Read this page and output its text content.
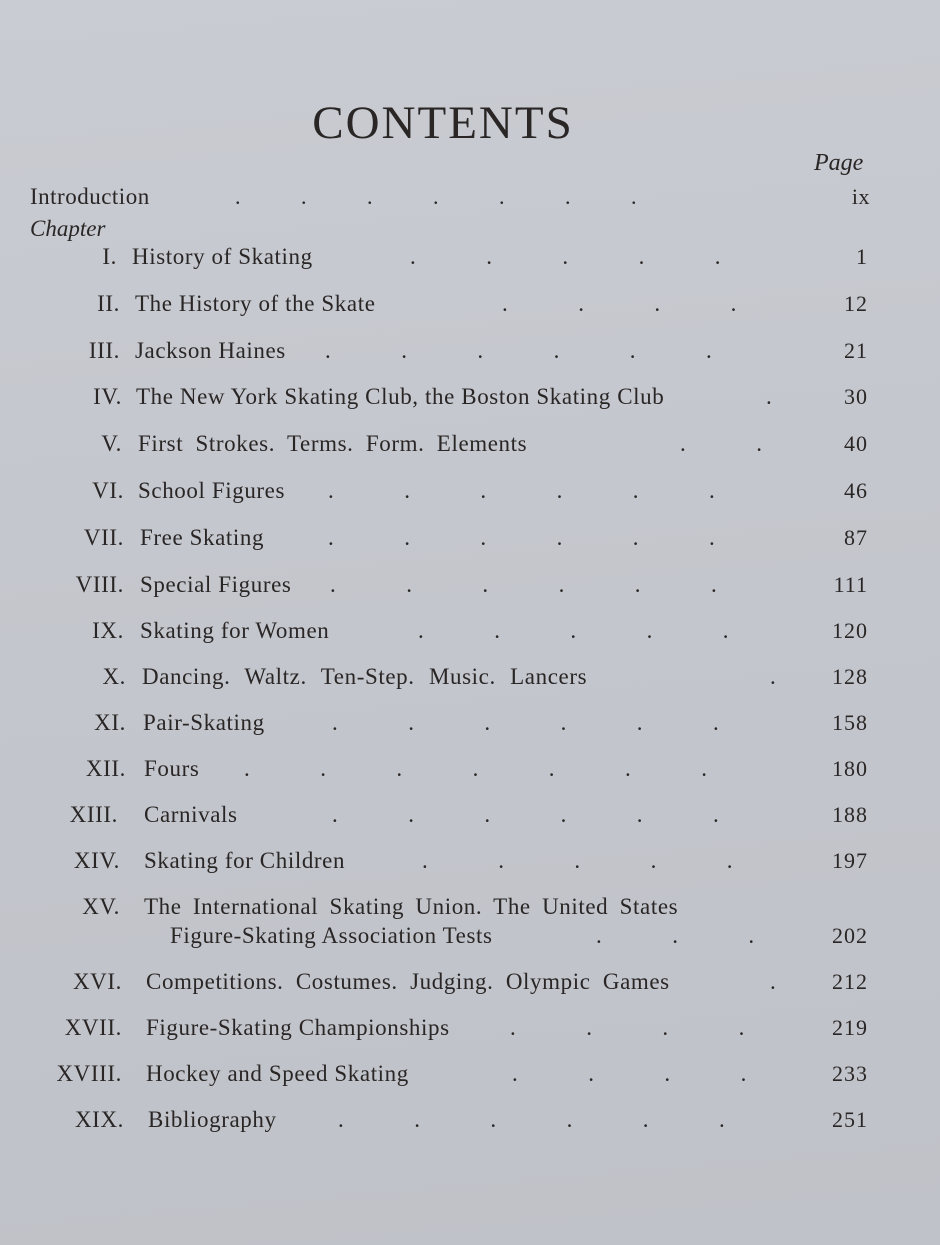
CONTENTS
Page
Introduction	.           .           .           .           .           .           .	ix
Chapter
I. History of Skating	.           .           .           .           .	1
II. The History of the Skate	.           .           .           .	12
III. Jackson Haines .           .           .           .           .           .	21
IV. The New York Skating Club, the Boston Skating Club	.	30
V. First Strokes. Terms. Form. Elements	.           .	40
VI. School Figures .           .           .           .           .           .	46
VII. Free Skating	.           .           .           .           .           .	87
VIII. Special Figures .           .           .           .           .           .	111
IX. Skating for Women	.           .           .           .           .	120
X. Dancing. Waltz. Ten-Step. Music. Lancers	.	128
XI. Pair-Skating	.           .           .           .           .           .	158
XII. Fours .           .           .           .           .           .           .	180
XIII. Carnivals	.           .           .           .           .           .	188
XIV. Skating for Children	.           .           .           .           .	197
XV. The International Skating Union. The United States
Figure-Skating Association Tests	.           .           .	202
XVI. Competitions. Costumes. Judging. Olympic Games	.	212
XVII. Figure-Skating Championships	.           .           .           .	219
XVIII. Hockey and Speed Skating	.           .           .           .	233
XIX. Bibliography	.           .           .           .           .           .	251
